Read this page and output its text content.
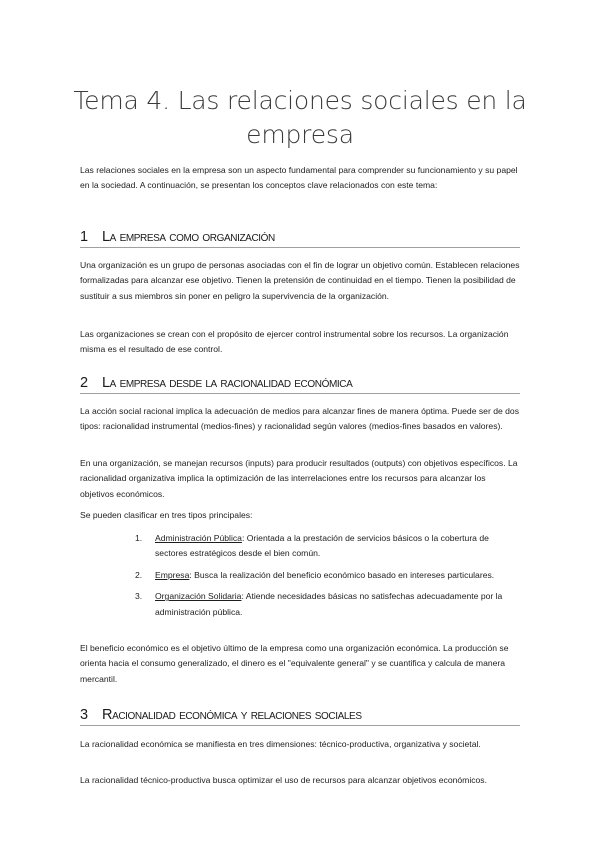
Tema 4. Las relaciones sociales en la empresa

Las relaciones sociales en la empresa son un aspecto fundamental para comprender su funcionamiento y su papel en la sociedad. A continuación, se presentan los conceptos clave relacionados con este tema:

1 La empresa como organización

Una organización es un grupo de personas asociadas con el fin de lograr un objetivo común. Establecen relaciones formalizadas para alcanzar ese objetivo. Tienen la pretensión de continuidad en el tiempo. Tienen la posibilidad de sustituir a sus miembros sin poner en peligro la supervivencia de la organización.

Las organizaciones se crean con el propósito de ejercer control instrumental sobre los recursos. La organización misma es el resultado de ese control.

2 La empresa desde la racionalidad económica

La acción social racional implica la adecuación de medios para alcanzar fines de manera óptima. Puede ser de dos tipos: racionalidad instrumental (medios-fines) y racionalidad según valores (medios-fines basados en valores).

En una organización, se manejan recursos (inputs) para producir resultados (outputs) con objetivos específicos. La racionalidad organizativa implica la optimización de las interrelaciones entre los recursos para alcanzar los objetivos económicos.

Se pueden clasificar en tres tipos principales:

1. Administración Pública: Orientada a la prestación de servicios básicos o la cobertura de sectores estratégicos desde el bien común.
2. Empresa: Busca la realización del beneficio económico basado en intereses particulares.
3. Organización Solidaria: Atiende necesidades básicas no satisfechas adecuadamente por la administración pública.

El beneficio económico es el objetivo último de la empresa como una organización económica. La producción se orienta hacia el consumo generalizado, el dinero es el "equivalente general" y se cuantifica y calcula de manera mercantil.

3 Racionalidad económica y relaciones sociales

La racionalidad económica se manifiesta en tres dimensiones: técnico-productiva, organizativa y societal.

La racionalidad técnico-productiva busca optimizar el uso de recursos para alcanzar objetivos económicos.
